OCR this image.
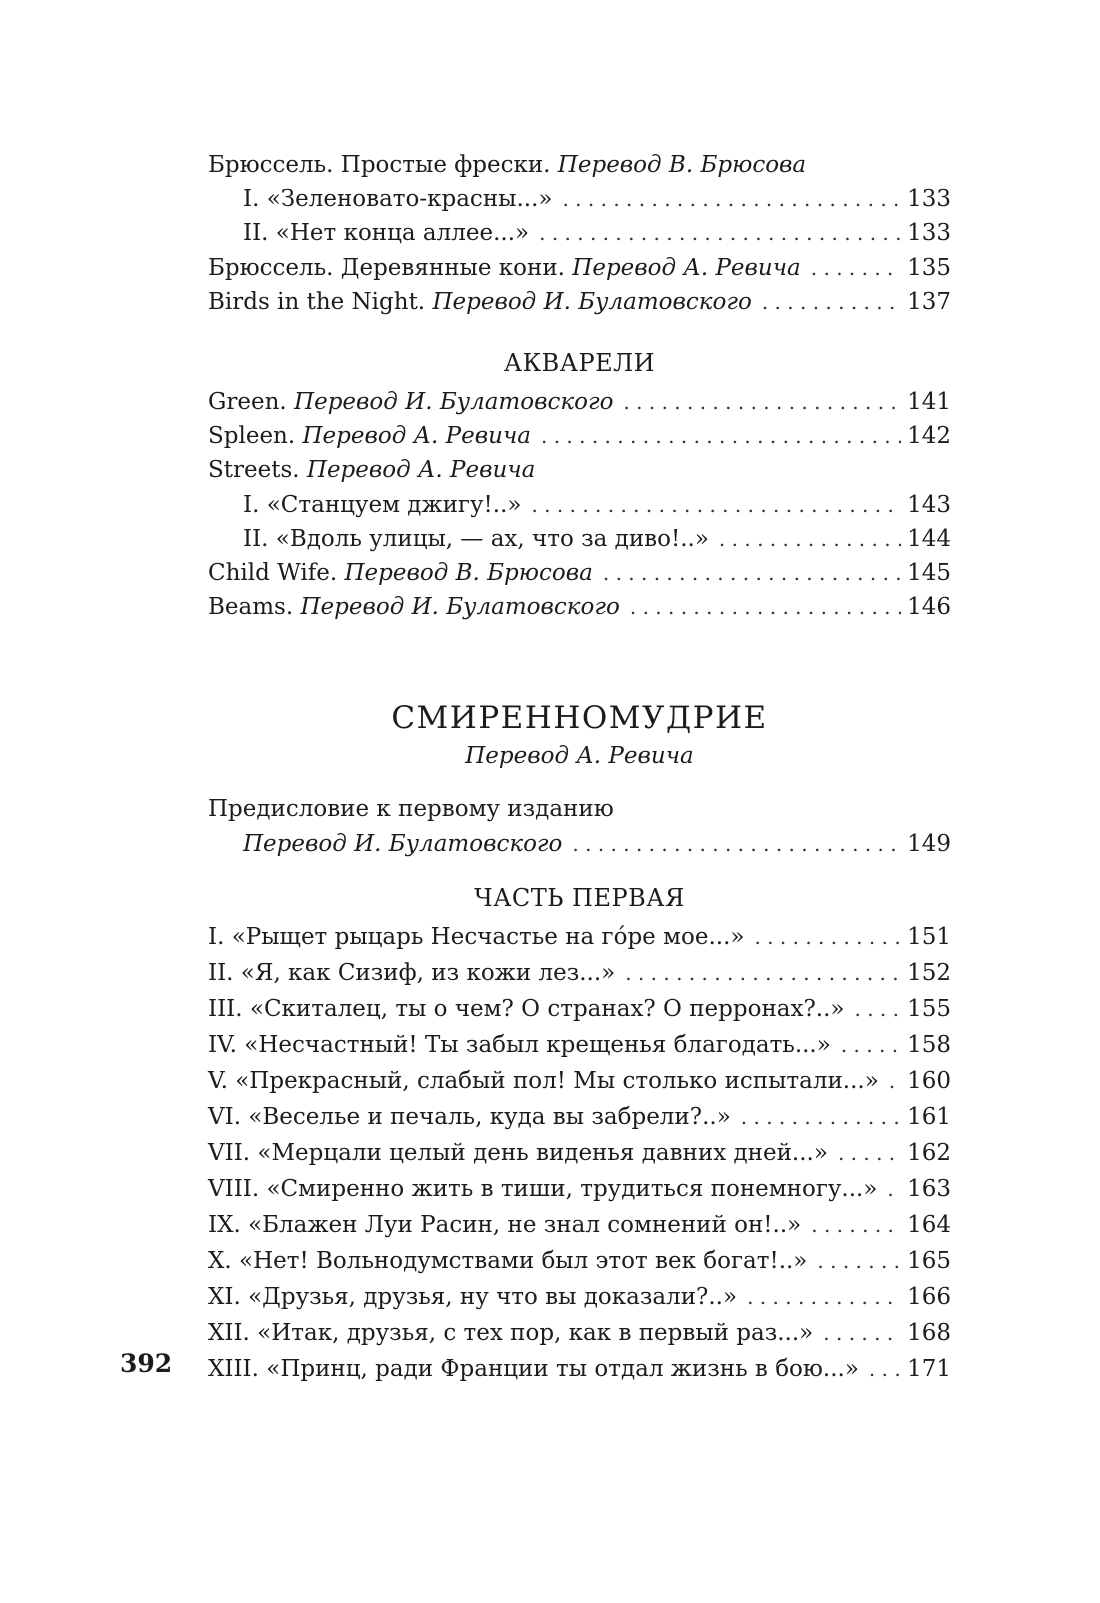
Брюссель. Простые фрески. Перевод В. Брюсова
I. «Зеленовато-красны...» . . .	133
II. «Нет конца аллее...» . . .	133
Брюссель. Деревянные кони. Перевод А. Ревича . . .	135
Birds in the Night. Перевод И. Булатовского . . .	137
АКВАРЕЛИ
Green. Перевод И. Булатовского . . .	141
Spleen. Перевод А. Ревича . . .	142
Streets. Перевод А. Ревича
I. «Станцуем джигу!..» . . .	143
II. «Вдоль улицы, — ах, что за диво!..» . . .	144
Child Wife. Перевод В. Брюсова . . .	145
Beams. Перевод И. Булатовского . . .	146
СМИРЕННОМУДРИЕ
Перевод А. Ревича
Предисловие к первому изданию
Перевод И. Булатовского . . .	149
ЧАСТЬ ПЕРВАЯ
I. «Рыщет рыцарь Несчастье на гóре мое...» . . .	151
II. «Я, как Сизиф, из кожи лез...» . . .	152
III. «Скиталец, ты о чем? О странах? О перронах?..» . . .	155
IV. «Несчастный! Ты забыл крещенья благодать...» . . .	158
V. «Прекрасный, слабый пол! Мы столько испытали...» . . . 160
VI. «Веселье и печаль, куда вы забрели?..» . . .	161
VII. «Мерцали целый день виденья давних дней...» . . .	162
VIII. «Смиренно жить в тиши, трудиться понемногу...» . . . 163
IX. «Блажен Луи Расин, не знал сомнений он!..» . . .	164
X. «Нет! Вольнодумствами был этот век богат!..» . . .	165
XI. «Друзья, друзья, ну что вы доказали?..» . . .	166
XII. «Итак, друзья, с тех пор, как в первый раз...» . . .	168
XIII. «Принц, ради Франции ты отдал жизнь в бою...» . . . 171
392
